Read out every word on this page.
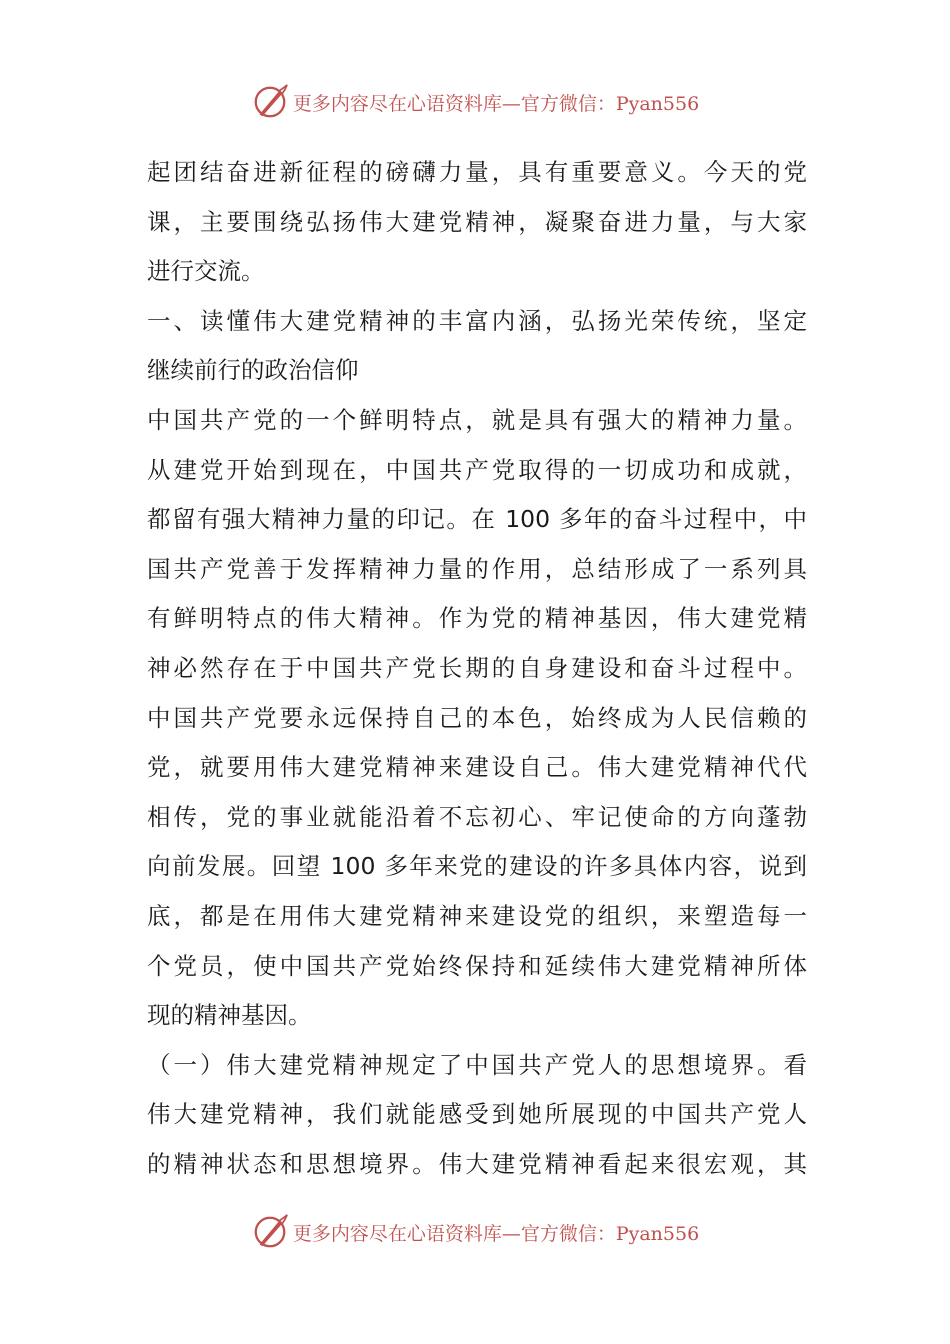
更多内容尽在心语资料库—官方微信：Pyan556
起团结奋进新征程的磅礴力量，具有重要意义。今天的党
课，主要围绕弘扬伟大建党精神，凝聚奋进力量，与大家
进行交流。
一、读懂伟大建党精神的丰富内涵，弘扬光荣传统，坚定
继续前行的政治信仰
中国共产党的一个鲜明特点，就是具有强大的精神力量。
从建党开始到现在，中国共产党取得的一切成功和成就，
都留有强大精神力量的印记。在 100 多年的奋斗过程中，中
国共产党善于发挥精神力量的作用，总结形成了一系列具
有鲜明特点的伟大精神。作为党的精神基因，伟大建党精
神必然存在于中国共产党长期的自身建设和奋斗过程中。
中国共产党要永远保持自己的本色，始终成为人民信赖的
党，就要用伟大建党精神来建设自己。伟大建党精神代代
相传，党的事业就能沿着不忘初心、牢记使命的方向蓬勃
向前发展。回望 100 多年来党的建设的许多具体内容，说到
底，都是在用伟大建党精神来建设党的组织，来塑造每一
个党员，使中国共产党始终保持和延续伟大建党精神所体
现的精神基因。
（一）伟大建党精神规定了中国共产党人的思想境界。看
伟大建党精神，我们就能感受到她所展现的中国共产党人
的精神状态和思想境界。伟大建党精神看起来很宏观，其
更多内容尽在心语资料库—官方微信：Pyan556
